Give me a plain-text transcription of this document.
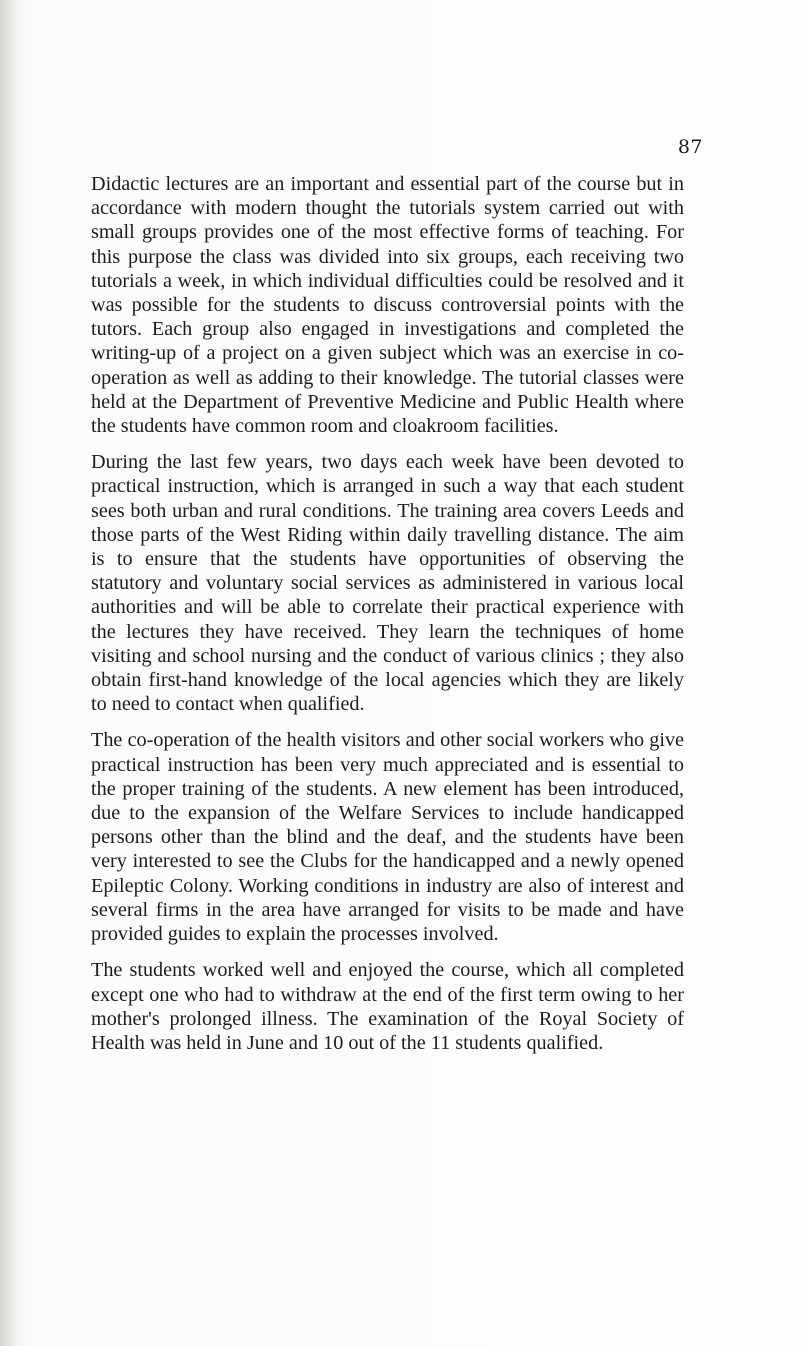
87

Didactic lectures are an important and essential part of the course but in accordance with modern thought the tutorials system carried out with small groups provides one of the most effective forms of teaching. For this purpose the class was divided into six groups, each receiving two tutorials a week, in which individual difficulties could be resolved and it was possible for the students to discuss controversial points with the tutors. Each group also engaged in investigations and completed the writing-up of a project on a given subject which was an exercise in co-operation as well as adding to their knowledge. The tutorial classes were held at the Department of Preventive Medicine and Public Health where the students have common room and cloakroom facilities.

During the last few years, two days each week have been devoted to practical instruction, which is arranged in such a way that each student sees both urban and rural conditions. The training area covers Leeds and those parts of the West Riding within daily travelling distance. The aim is to ensure that the students have opportunities of observing the statutory and voluntary social services as administered in various local authorities and will be able to correlate their practical experience with the lectures they have received. They learn the techniques of home visiting and school nursing and the conduct of various clinics ; they also obtain first-hand knowledge of the local agencies which they are likely to need to contact when qualified.

The co-operation of the health visitors and other social workers who give practical instruction has been very much appreciated and is essential to the proper training of the students. A new element has been introduced, due to the expansion of the Welfare Services to include handicapped persons other than the blind and the deaf, and the students have been very interested to see the Clubs for the handicapped and a newly opened Epileptic Colony. Working conditions in industry are also of interest and several firms in the area have arranged for visits to be made and have provided guides to explain the processes involved.

The students worked well and enjoyed the course, which all completed except one who had to withdraw at the end of the first term owing to her mother's prolonged illness. The examination of the Royal Society of Health was held in June and 10 out of the 11 students qualified.
